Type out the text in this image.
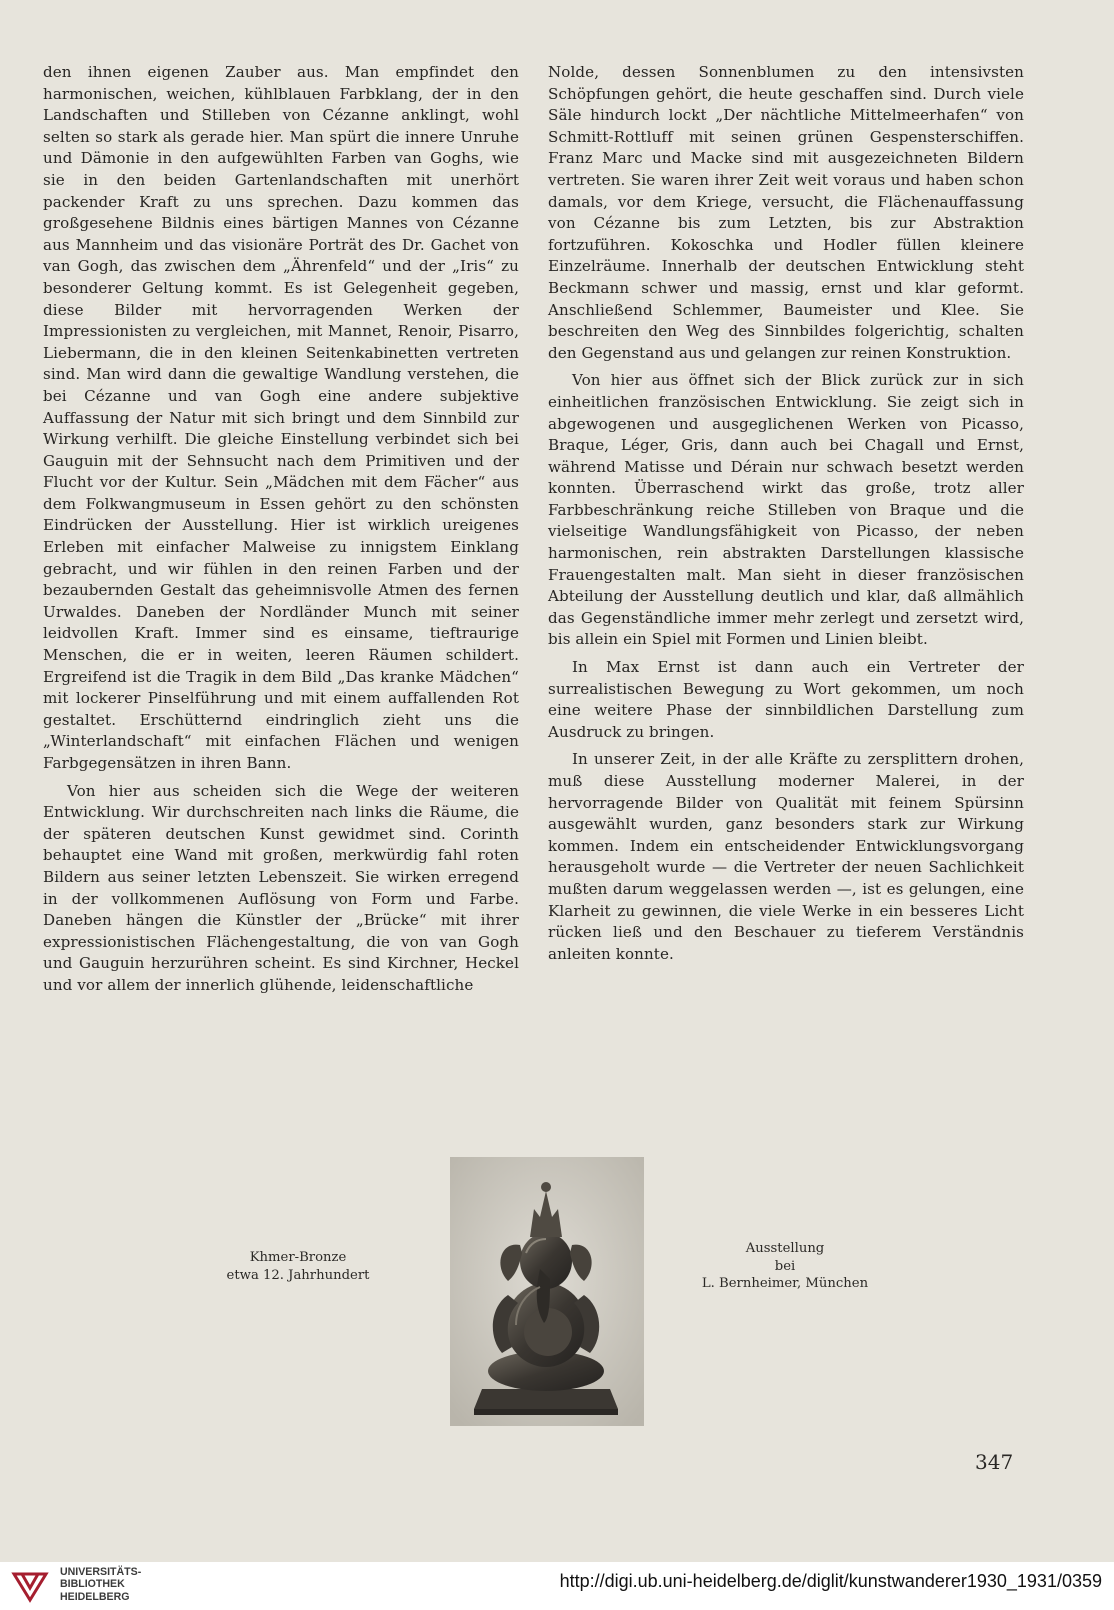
den ihnen eigenen Zauber aus. Man empfindet den harmonischen, weichen, kühlblauen Farbklang, der in den Landschaften und Stilleben von Cézanne anklingt, wohl selten so stark als gerade hier. Man spürt die innere Unruhe und Dämonie in den aufgewühlten Farben van Goghs, wie sie in den beiden Gartenlandschaften mit unerhört packender Kraft zu uns sprechen. Dazu kommen das großgesehene Bildnis eines bärtigen Mannes von Cézanne aus Mannheim und das visionäre Porträt des Dr. Gachet von van Gogh, das zwischen dem „Ährenfeld“ und der „Iris“ zu besonderer Geltung kommt. Es ist Gelegenheit gegeben, diese Bilder mit hervorragenden Werken der Impressionisten zu vergleichen, mit Mannet, Renoir, Pisarro, Liebermann, die in den kleinen Seitenkabinetten vertreten sind. Man wird dann die gewaltige Wandlung verstehen, die bei Cézanne und van Gogh eine andere subjektive Auffassung der Natur mit sich bringt und dem Sinnbild zur Wirkung verhilft. Die gleiche Einstellung verbindet sich bei Gauguin mit der Sehnsucht nach dem Primitiven und der Flucht vor der Kultur. Sein „Mädchen mit dem Fächer“ aus dem Folkwangmuseum in Essen gehört zu den schönsten Eindrücken der Ausstellung. Hier ist wirklich ureigenes Erleben mit einfacher Malweise zu innigstem Einklang gebracht, und wir fühlen in den reinen Farben und der bezaubernden Gestalt das geheimnisvolle Atmen des fernen Urwaldes. Daneben der Nordländer Munch mit seiner leidvollen Kraft. Immer sind es einsame, tieftraurige Menschen, die er in weiten, leeren Räumen schildert. Ergreifend ist die Tragik in dem Bild „Das kranke Mädchen“ mit lockerer Pinselführung und mit einem auffallenden Rot gestaltet. Erschütternd eindringlich zieht uns die „Winterlandschaft“ mit einfachen Flächen und wenigen Farbgegensätzen in ihren Bann.

Von hier aus scheiden sich die Wege der weiteren Entwicklung. Wir durchschreiten nach links die Räume, die der späteren deutschen Kunst gewidmet sind. Corinth behauptet eine Wand mit großen, merkwürdig fahl roten Bildern aus seiner letzten Lebenszeit. Sie wirken erregend in der vollkommenen Auflösung von Form und Farbe. Daneben hängen die Künstler der „Brücke“ mit ihrer expressionistischen Flächengestaltung, die von van Gogh und Gauguin herzurühren scheint. Es sind Kirchner, Heckel und vor allem der innerlich glühende, leidenschaftliche

Nolde, dessen Sonnenblumen zu den intensivsten Schöpfungen gehört, die heute geschaffen sind. Durch viele Säle hindurch lockt „Der nächtliche Mittelmeerhafen“ von Schmitt-Rottluff mit seinen grünen Gespensterschiffen. Franz Marc und Macke sind mit ausgezeichneten Bildern vertreten. Sie waren ihrer Zeit weit voraus und haben schon damals, vor dem Kriege, versucht, die Flächenauffassung von Cézanne bis zum Letzten, bis zur Abstraktion fortzuführen. Kokoschka und Hodler füllen kleinere Einzelräume. Innerhalb der deutschen Entwicklung steht Beckmann schwer und massig, ernst und klar geformt. Anschließend Schlemmer, Baumeister und Klee. Sie beschreiten den Weg des Sinnbildes folgerichtig, schalten den Gegenstand aus und gelangen zur reinen Konstruktion.

Von hier aus öffnet sich der Blick zurück zur in sich einheitlichen französischen Entwicklung. Sie zeigt sich in abgewogenen und ausgeglichenen Werken von Picasso, Braque, Léger, Gris, dann auch bei Chagall und Ernst, während Matisse und Dérain nur schwach besetzt werden konnten. Überraschend wirkt das große, trotz aller Farbbeschränkung reiche Stilleben von Braque und die vielseitige Wandlungsfähigkeit von Picasso, der neben harmonischen, rein abstrakten Darstellungen klassische Frauengestalten malt. Man sieht in dieser französischen Abteilung der Ausstellung deutlich und klar, daß allmählich das Gegenständliche immer mehr zerlegt und zersetzt wird, bis allein ein Spiel mit Formen und Linien bleibt.

In Max Ernst ist dann auch ein Vertreter der surrealistischen Bewegung zu Wort gekommen, um noch eine weitere Phase der sinnbildlichen Darstellung zum Ausdruck zu bringen.

In unserer Zeit, in der alle Kräfte zu zersplittern drohen, muß diese Ausstellung moderner Malerei, in der hervorragende Bilder von Qualität mit feinem Spürsinn ausgewählt wurden, ganz besonders stark zur Wirkung kommen. Indem ein entscheidender Entwicklungsvorgang herausgeholt wurde — die Vertreter der neuen Sachlichkeit mußten darum weggelassen werden —, ist es gelungen, eine Klarheit zu gewinnen, die viele Werke in ein besseres Licht rücken ließ und den Beschauer zu tieferem Verständnis anleiten konnte.

Khmer-Bronze
etwa 12. Jahrhundert
Ausstellung
bei
L. Bernheimer, München
347
UNIVERSITÄTS-
BIBLIOTHEK
HEIDELBERG
http://digi.ub.uni-heidelberg.de/diglit/kunstwanderer1930_1931/0359
